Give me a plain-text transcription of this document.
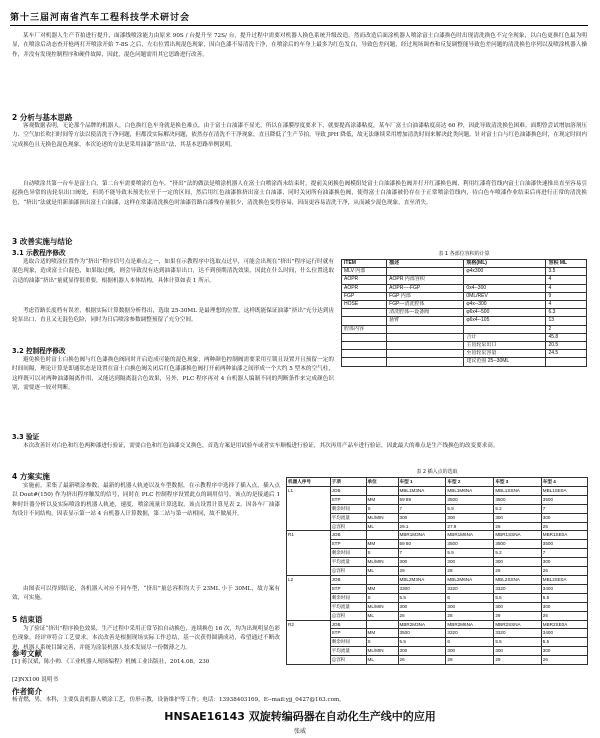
第十三届河南省汽车工程科技学术研讨会
某车厂对机器人生产节拍进行提升，面漆线喷涂能力由原来 90S / 台提升至 72S/ 台，提升过程中需要对机器人换色系统升级改造。然而改造后面涂机器人喷涂富士白漆换色时出现清洗换色不完全现象，以白色更换红色最为明显，在喷涂后动态查开枪两打开喷涂开始 7-8S 之后，左右位置出现混色现象，因白色漆不易清洗干净，在喷涂后的车身上最多为红色发白，导致色差问题，经过现场调查和反复调整能导致色差问题的清洗换色序列以及喷涂机器人操作，并没有发现控制程序和硬件故障，因此，混色问题需用其它思路进行改善。
2 分析与基本思路
客观数据表明，无论那个品牌的机器人，白色换红色车身就是换色难点，由于富士白油漆不显光，所以在漆膜厚度要求下，就要提高涂漆粘度，某车厂富士白油漆粘度高达 60 秒，因此导致清洗换色困难。面期曾尝试增加溶剂压力、空气加长吹扫时间等方法以使清洗干净问题，但都没实际解决问题，依然存在清洗不干净现象，直且降低了生产节拍，导致 JPH 降低，故无法继续采用增加清洗时间来解决此类问题。针对富士白与红色油漆换色时，在现定时间内完成换色且无换色混色现象，本次论述的方法是采用油漆“挤出”法，其基本思路举例说明。
自动喷涂共第一台车是富士白，第二台车需要喷涂红色车，“挤出”法的做法是喷涂机器人在富士白喷涂尚未结束时，提前关闭换色阀模组处富士白油漆换色阀并打开红漆换色阀，利用红漆将管线内富士白油漆快速推出直至容易引起换色异常的齿轮泵出口阀处，但尚不能导致未预先位至于一定的区间，然后用红色油漆推挤出富士白油漆，同时关闭所有油漆换色阀，使得富士白油漆被仍存在于正常喷涂管线内，待白色车喷漆作业结束后再进行正常的清洗换色，“挤出”法就是用新油漆顶出富士白油漆，这样在常漆清洗换色时油漆管路白漆残存量很少，清洗换色变得容易，因而更容易清洗干净，从而减少混色现象，直至消失。
3 改善实施与结论
3.1 示教程序修改
选取合适的喷涂位置作为“挤出”程序信号点是难点之一，如果在示教程序中选取点过早，可能会出现在“挤出”程序运行时就有混色现象，造成富士白混色，如果取过晚，则会导致没有达到油漆泵出口，达不到预期清洗效果，因此在什么时间，什么位置选取合适的油漆“挤出”量就显得很重要，根据机器人本体结构，具体计算如表 1 所示。
考虑管路长度档有误差，根据实际计算数据分析得出，选取 25-30ML 是最理想的位置，这样既能保证油漆“挤出”充分达到齿轮泵出口，直且又无混色危险，同时为日后喷涂参数调整预留了充分空间。
3.2 控制程序修改
避免换色时富士白换色阀与红色漆换色阀同时开启造成可能的混色现象，两种颜色控制阀需要采用互锁且设置开且预留一定的时间间隔，理论计算是即通状态是设置在富士白换色阀关闭后红色漆漆换色阀打开前两种油漆之间形成一个大约 5 型木的空气柱，这样既可以对两种油漆隔离作用，又能达到隔离混合色效果，另外，PLC 程序再对 4 台机器人编制不同的判断条件来完成颜色识别，需要逐一较对判断。
3.3 验证
本次改善针对白色和红色两种漆进行验证，需要白色和红色油漆交叉换色，首选方案是用试验车或者实车顺板进行验证，其次再用产品车进行验证，因此最大的难点是生产线换色的改变要求高。
4 方案实施
实施前，采集了最新喷涂参数，最新的机器人轨迹以及车型数据，在示教程序中选择了插入点，插入点以 Dout#(150) 作为挤出程序触发的信号，同时在 PLC 控制程序设置此点的调用信号，该点的是接通后 1 种时针器分析以及实际喷涂的机器人轨迹，速度，喷涂流量计算选取，该点设置计算见表 2。因各车厂油漆均设计不同结构，因表显示第一站 4 台机器人计算数据，第二站与第一站相同，故不做展开。
由图表可以得到结论，各机器人对应不同车型，“挤出”量总容积均大于 23ML 小于 30ML，故方案有效，可实施。
5 结束语
为了验证“挤出”程序换色效果，生产过程中采用正常节拍自动换色，连续换色 16 次，均为出现明显色彩色现象，经评审符合工艺要求，本次改善是根据现场实际工作总结，基一次获得圆满成功，希望通过不断改进，机器人系统目臻完善，并能为涂装机器人技术发展尽一份微薄之力。
参考文献
[1] 蒋汉斌，陈小帅．《工业机器人现场编程》机械工业出版社，2014.08，230
[2]NX100 说明书
作者简介
杨青燃，男，本科，主要负责机器人喷涂工艺，仿形示教，设备维护等工作；电话：13938403169，E--mail:yjj_0427@163.com。
表 1 各部位容积的计算
ITEM	描述	规格(ML)	容积 ML
MLV 内部		φ4x300	3.5
AOPR	AOPR 内部容积		4
AOPR	AOPR----FGP	0x4--300	4
FGP	FGP 内部	0ML/REV	9
HOSE	FGP---清洗腔体	φ4x--300	4
	清洗腔体---设备阀	φ6x4--500	6.3
	悬臂	φ6x4--105	13
腔体内容			2
		合计	45.8
		主齿轮泵出口	20.5
		至齿轮泵容量	24.5
		建议范围 25--30ML	
表 2 插入点的选取
机器人序号	子项	单位	车型 1	车型 2	车型 3	车型 4
L1	JOB		MBL1M3NA	MBL1M6NA	MBL1SSNA	MBL1SE0A
	STP	MM	59 89	3500	3500	3500
	剩余时间	S	7	5.5	5.2	7
	平均流量	ML/MIN	300	300	300	300
	总容积	ML	29.1	27.9	26	26
R1	JOB		MBR1M3NA	MBR1M6NA	MBR1SSNA	MBR1SE0A
	STP	MM	59 80	3500	3500	3500
	剩余时间	S	7	5.5	5.2	7
	平均流量	ML/MIN	300	300	300	300
	总容积	ML	29	28	26	26
L2	JOB		MBL2M3NA	MBL2M6NA	MBL2SSNA	MBL2SE0A
	STP	MM	3300	3320	3320	3400
	剩余时间	S	5.5	6	5.5	5.5
	平均流量	ML/MIN	300	300	300	300
	总容积	ML	26	28	29	26
R2	JOB		MBR2M3NA	MBR2M6NA	MBR2SSNA	MBR2SE0A
	STP	MM	3500	3320	3320	3400
	剩余时间	S	5.5	6	5.5	5.5
	平均流量	ML/MIN	300	300	300	300
	总容积	ML	26	28	29	26
HNSAE16143 双旋转编码器在自动化生产线中的应用
张威
